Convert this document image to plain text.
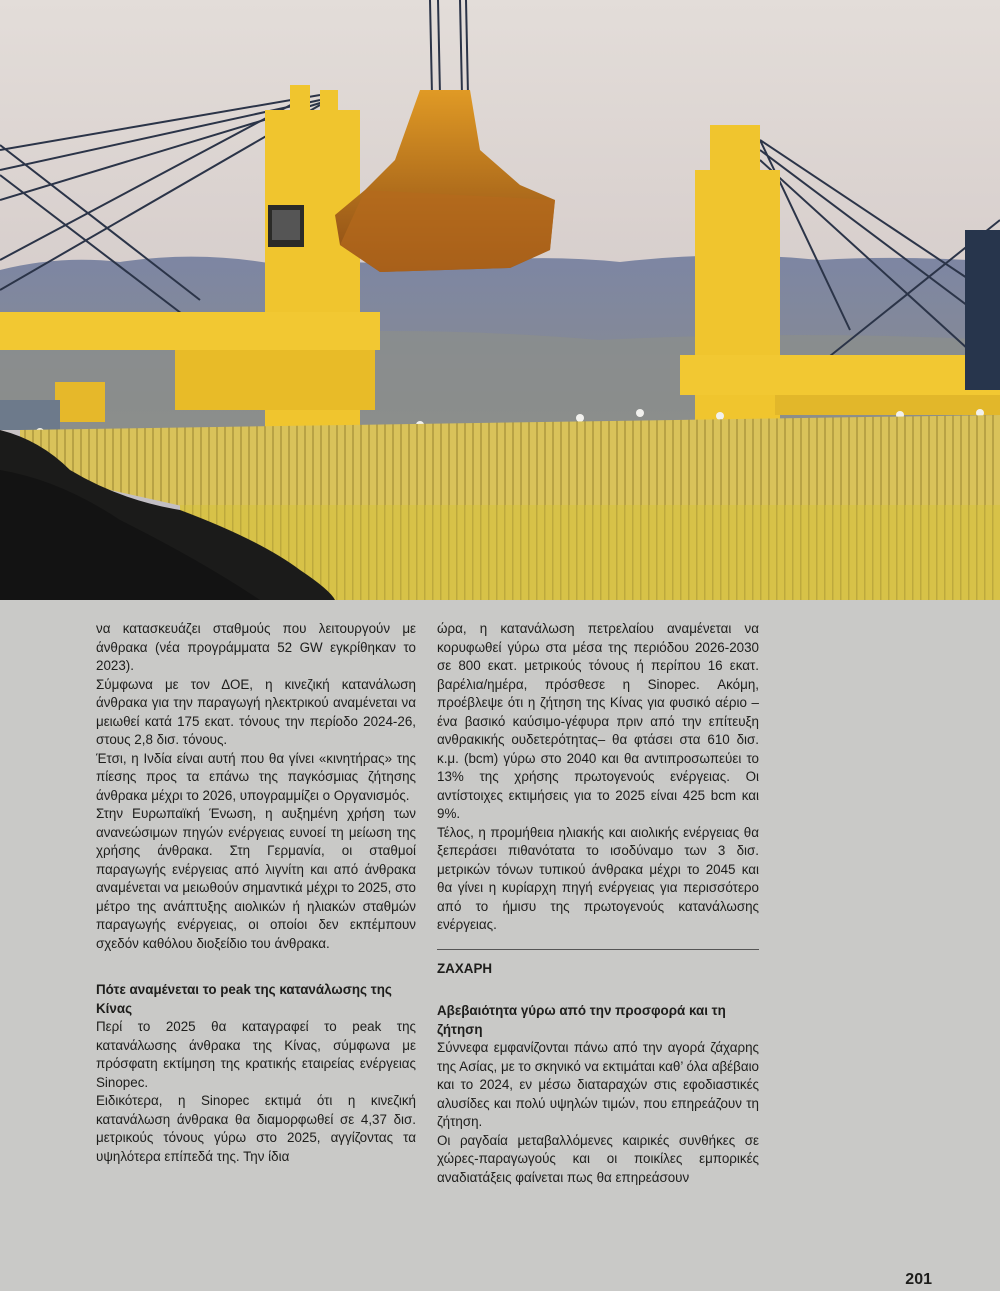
να κατασκευάζει σταθμούς που λειτουργούν με άνθρακα (νέα προγράμματα 52 GW εγκρίθηκαν το 2023).

Σύμφωνα με τον ΔΟΕ, η κινεζική κατανάλωση άνθρακα για την παραγωγή ηλεκτρικού αναμένεται να μειωθεί κατά 175 εκατ. τόνους την περίοδο 2024-26, στους 2,8 δισ. τόνους.

Έτσι, η Ινδία είναι αυτή που θα γίνει «κινητήρας» της πίεσης προς τα επάνω της παγκόσμιας ζήτησης άνθρακα μέχρι το 2026, υπογραμμίζει ο Οργανισμός.

Στην Ευρωπαϊκή Ένωση, η αυξημένη χρήση των ανανεώσιμων πηγών ενέργειας ευνοεί τη μείωση της χρήσης άνθρακα. Στη Γερμανία, οι σταθμοί παραγωγής ενέργειας από λιγνίτη και από άνθρακα αναμένεται να μειωθούν σημαντικά μέχρι το 2025, στο μέτρο της ανάπτυξης αιολικών ή ηλιακών σταθμών παραγωγής ενέργειας, οι οποίοι δεν εκπέμπουν σχεδόν καθόλου διοξείδιο του άνθρακα.

Πότε αναμένεται το peak της κατανάλωσης της Κίνας

Περί το 2025 θα καταγραφεί το peak της κατανάλωσης άνθρακα της Κίνας, σύμφωνα με πρόσφατη εκτίμηση της κρατικής εταιρείας ενέργειας Sinopec.

Ειδικότερα, η Sinopec εκτιμά ότι η κινεζική κατανάλωση άνθρακα θα διαμορφωθεί σε 4,37 δισ. μετρικούς τόνους γύρω στο 2025, αγγίζοντας τα υψηλότερα επίπεδά της. Την ίδια

ώρα, η κατανάλωση πετρελαίου αναμένεται να κορυφωθεί γύρω στα μέσα της περιόδου 2026-2030 σε 800 εκατ. μετρικούς τόνους ή περίπου 16 εκατ. βαρέλια/ημέρα, πρόσθεσε η Sinopec. Ακόμη, προέβλεψε ότι η ζήτηση της Κίνας για φυσικό αέριο –ένα βασικό καύσιμο-γέφυρα πριν από την επίτευξη ανθρακικής ουδετερότητας– θα φτάσει στα 610 δισ. κ.μ. (bcm) γύρω στο 2040 και θα αντιπροσωπεύει το 13% της χρήσης πρωτογενούς ενέργειας. Οι αντίστοιχες εκτιμήσεις για το 2025 είναι 425 bcm και 9%.

Τέλος, η προμήθεια ηλιακής και αιολικής ενέργειας θα ξεπεράσει πιθανότατα το ισοδύναμο των 3 δισ. μετρικών τόνων τυπικού άνθρακα μέχρι το 2045 και θα γίνει η κυρίαρχη πηγή ενέργειας για περισσότερο από το ήμισυ της πρωτογενούς κατανάλωσης ενέργειας.

ΖΑΧΑΡΗ
Αβεβαιότητα γύρω από την προσφορά και τη ζήτηση

Σύννεφα εμφανίζονται πάνω από την αγορά ζάχαρης της Ασίας, με το σκηνικό να εκτιμάται καθ’ όλα αβέβαιο και το 2024, εν μέσω διαταραχών στις εφοδιαστικές αλυσίδες και πολύ υψηλών τιμών, που επηρεάζουν τη ζήτηση.

Οι ραγδαία μεταβαλλόμενες καιρικές συνθήκες σε χώρες-παραγωγούς και οι ποικίλες εμπορικές αναδιατάξεις φαίνεται πως θα επηρεάσουν

201
